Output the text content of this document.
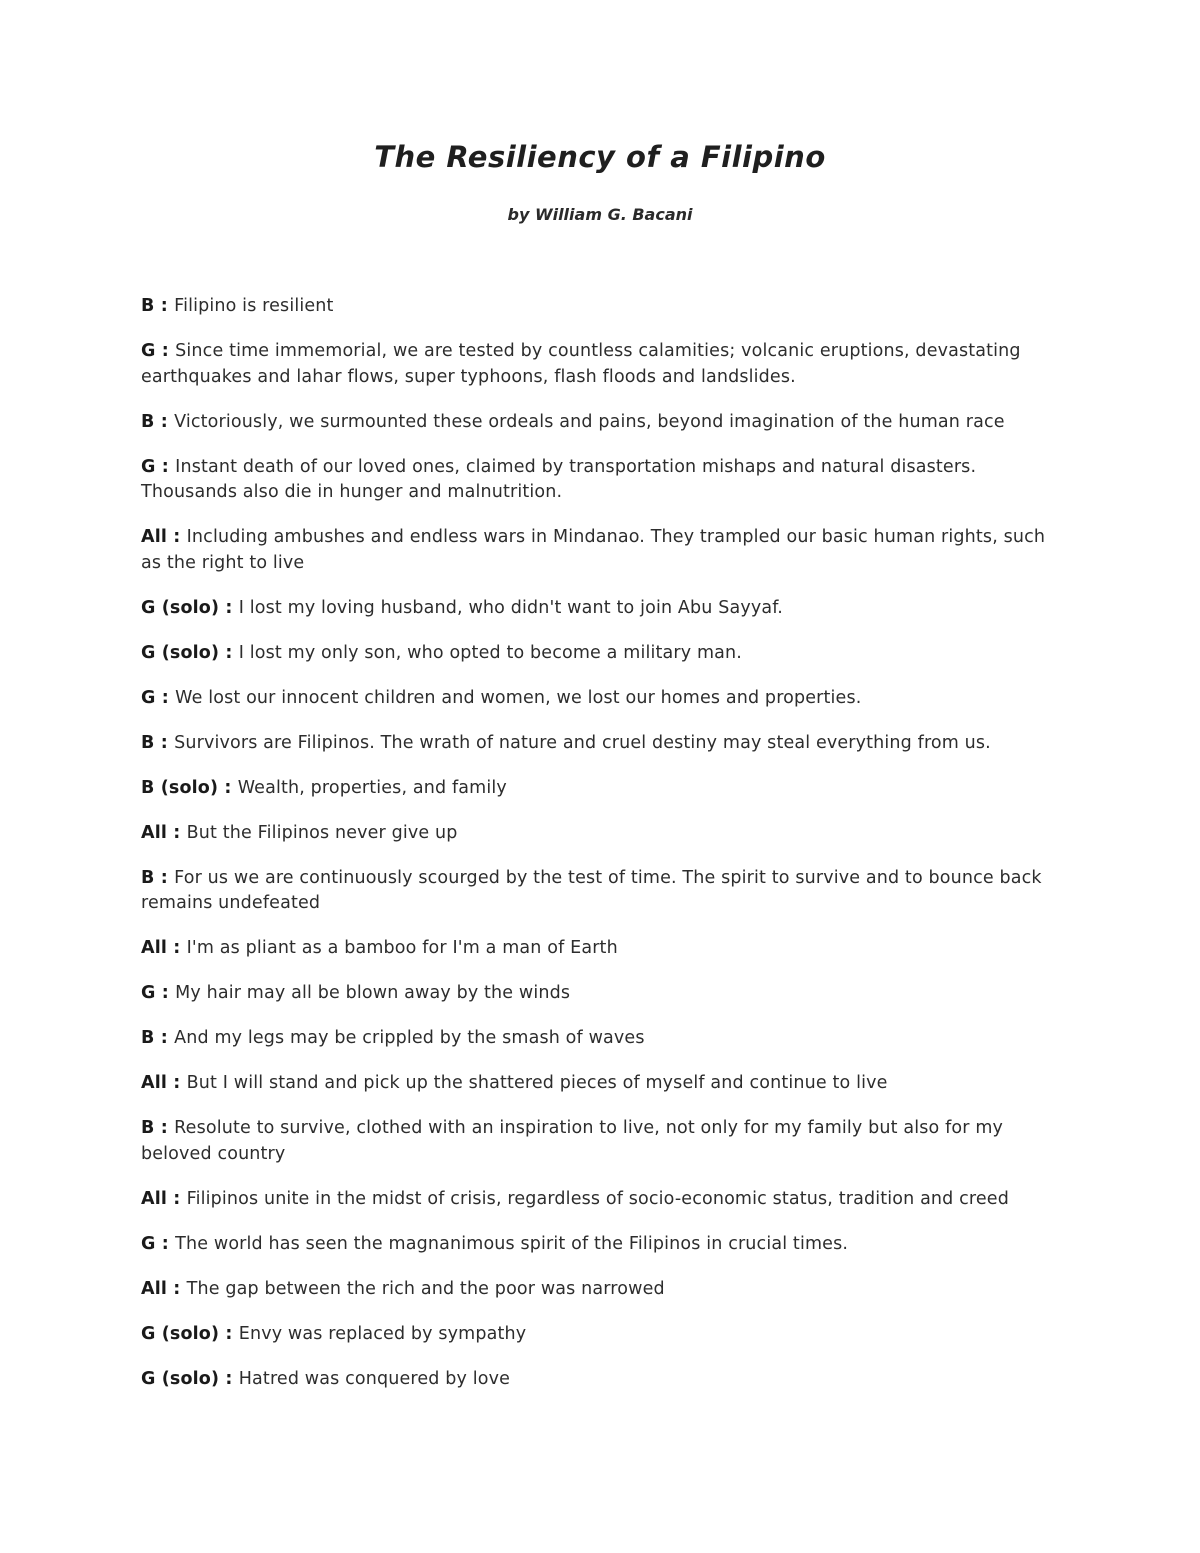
The Resiliency of a Filipino
by William G. Bacani

B : Filipino is resilient

G : Since time immemorial, we are tested by countless calamities; volcanic eruptions, devastating earthquakes and lahar flows, super typhoons, flash floods and landslides.

B : Victoriously, we surmounted these ordeals and pains, beyond imagination of the human race

G : Instant death of our loved ones, claimed by transportation mishaps and natural disasters. Thousands also die in hunger and malnutrition.

All : Including ambushes and endless wars in Mindanao. They trampled our basic human rights, such as the right to live

G (solo) : I lost my loving husband, who didn't want to join Abu Sayyaf.

G (solo) : I lost my only son, who opted to become a military man.

G : We lost our innocent children and women, we lost our homes and properties.

B : Survivors are Filipinos. The wrath of nature and cruel destiny may steal everything from us.

B (solo) : Wealth, properties, and family

All : But the Filipinos never give up

B : For us we are continuously scourged by the test of time. The spirit to survive and to bounce back remains undefeated

All : I'm as pliant as a bamboo for I'm a man of Earth

G : My hair may all be blown away by the winds

B : And my legs may be crippled by the smash of waves

All : But I will stand and pick up the shattered pieces of myself and continue to live

B : Resolute to survive, clothed with an inspiration to live, not only for my family but also for my beloved country

All : Filipinos unite in the midst of crisis, regardless of socio-economic status, tradition and creed

G : The world has seen the magnanimous spirit of the Filipinos in crucial times.

All : The gap between the rich and the poor was narrowed

G (solo) : Envy was replaced by sympathy

G (solo) : Hatred was conquered by love
